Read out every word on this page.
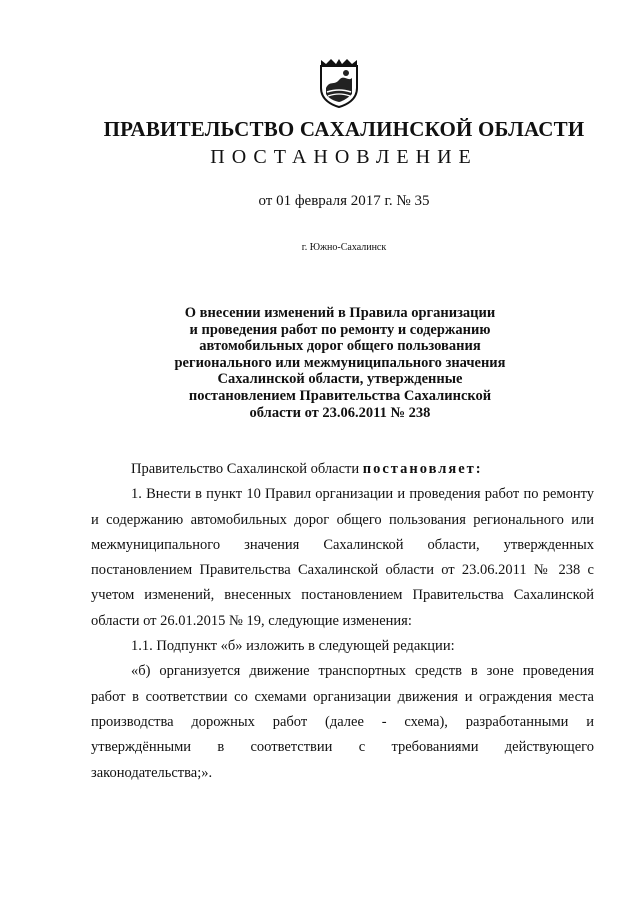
ПРАВИТЕЛЬСТВО САХАЛИНСКОЙ ОБЛАСТИ
ПОСТАНОВЛЕНИЕ
от 01 февраля 2017 г. № 35
г. Южно-Сахалинск
О внесении изменений в Правила организации
и проведения работ по ремонту и содержанию
автомобильных дорог общего пользования
регионального или межмуниципального значения
Сахалинской области, утвержденные
постановлением Правительства Сахалинской
области от 23.06.2011 № 238

Правительство Сахалинской области постановляет:

1. Внести в пункт 10 Правил организации и проведения работ по ремонту и содержанию автомобильных дорог общего пользования регионального или межмуниципального значения Сахалинской области, утвержденных постановлением Правительства Сахалинской области от 23.06.2011 № 238 с учетом изменений, внесенных постановлением Правительства Сахалинской области от 26.01.2015 № 19, следующие изменения:

1.1. Подпункт «б» изложить в следующей редакции:

«б) организуется движение транспортных средств в зоне проведения работ в соответствии со схемами организации движения и ограждения места производства дорожных работ (далее - схема), разработанными и утверждёнными в соответствии с требованиями действующего законодательства;».
